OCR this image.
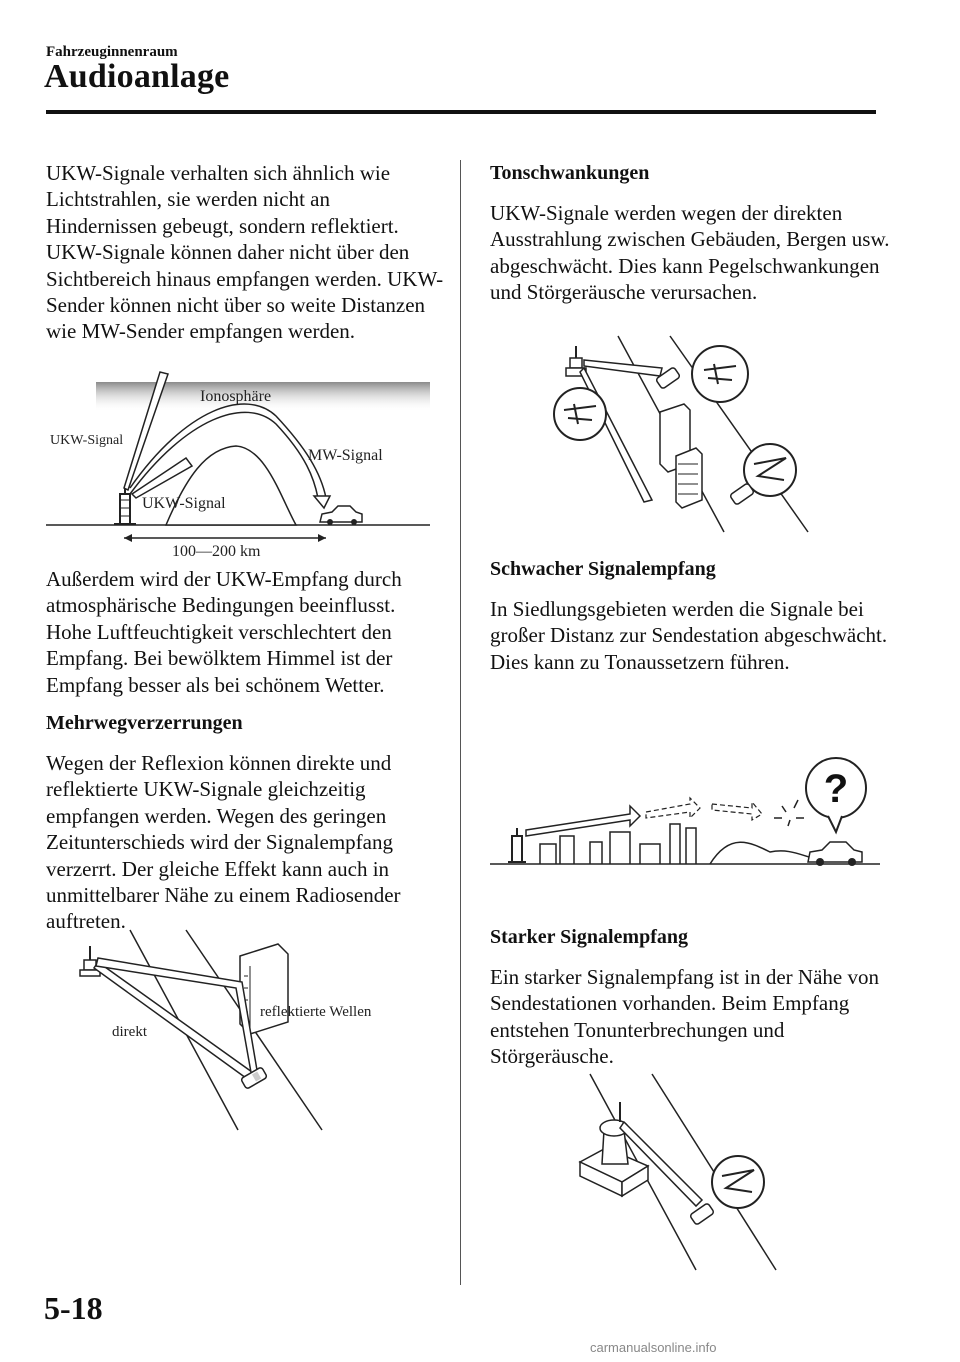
Fahrzeuginnenraum
Audioanlage

UKW-Signale verhalten sich ähnlich wie Lichtstrahlen, sie werden nicht an Hindernissen gebeugt, sondern reflektiert. UKW-Signale können daher nicht über den Sichtbereich hinaus empfangen werden. UKW-Sender können nicht über so weite Distanzen wie MW-Sender empfangen werden.

Ionosphäre
UKW-Signal
MW-Signal
UKW-Signal
100—200 km

Außerdem wird der UKW-Empfang durch atmosphärische Bedingungen beeinflusst. Hohe Luftfeuchtigkeit verschlechtert den Empfang. Bei bewölktem Himmel ist der Empfang besser als bei schönem Wetter.

Mehrwegverzerrungen

Wegen der Reflexion können direkte und reflektierte UKW-Signale gleichzeitig empfangen werden. Wegen des geringen Zeitunterschieds wird der Signalempfang verzerrt. Der gleiche Effekt kann auch in unmittelbarer Nähe zu einem Radiosender auftreten.

reflektierte Wellen
direkt
Tonschwankungen

UKW-Signale werden wegen der direkten Ausstrahlung zwischen Gebäuden, Bergen usw. abgeschwächt. Dies kann Pegelschwankungen und Störgeräusche verursachen.

Schwacher Signalempfang

In Siedlungsgebieten werden die Signale bei großer Distanz zur Sendestation abgeschwächt. Dies kann zu Tonaussetzern führen.

?
Starker Signalempfang

Ein starker Signalempfang ist in der Nähe von Sendestationen vorhanden. Beim Empfang entstehen Tonunterbrechungen und Störgeräusche.

5-18
carmanualsonline.info
